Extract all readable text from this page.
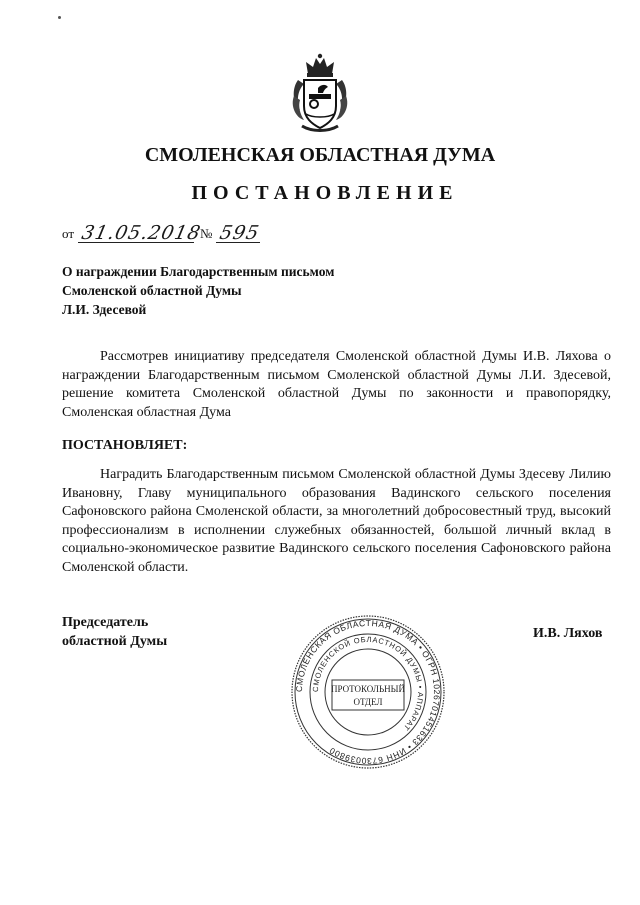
СМОЛЕНСКАЯ ОБЛАСТНАЯ ДУМА
ПОСТАНОВЛЕНИЕ
от 31.05.2018
№ 595
О награждении Благодарственным письмом
Смоленской областной Думы
Л.И. Здесевой
Рассмотрев инициативу председателя Смоленской областной Думы И.В. Ляхова о награждении Благодарственным письмом Смоленской областной Думы Л.И. Здесевой, решение комитета Смоленской областной Думы по законности и правопорядку, Смоленская областная Дума
ПОСТАНОВЛЯЕТ:
Наградить Благодарственным письмом Смоленской областной Думы Здесеву Лилию Ивановну, Главу муниципального образования Вадинского сельского поселения Сафоновского района Смоленской области, за многолетний добросовестный труд, высокий профессионализм в исполнении служебных обязанностей, большой личный вклад в социально-экономическое развитие Вадинского сельского поселения Сафоновского района Смоленской области.
Председатель
областной Думы
И.В. Ляхов
СМОЛЕНСКАЯ ОБЛАСТНАЯ ДУМА • ОГРН 1026701451633 • ИНН 6730039800
СМОЛЕНСКОЙ ОБЛАСТНОЙ ДУМЫ • АППАРАТ
ПРОТОКОЛЬНЫЙ
ОТДЕЛ
